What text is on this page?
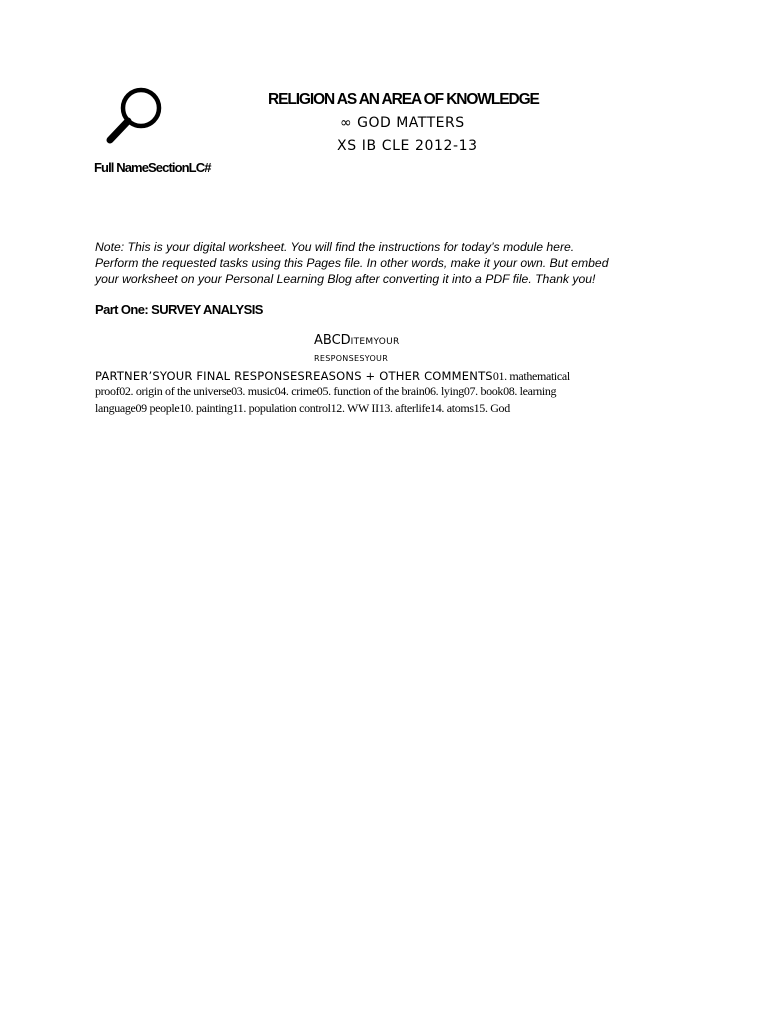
RELIGION AS AN AREA OF KNOWLEDGE
∞ GOD MATTERS
XS IB CLE 2012-13
Full NameSectionLC#
Note: This is your digital worksheet. You will find the instructions for today’s module here.
Perform the requested tasks using this Pages file. In other words, make it your own. But embed
your worksheet on your Personal Learning Blog after converting it into a PDF file. Thank you!
Part One: SURVEY ANALYSIS
ABCDitemyour
responsesyour
PARTNER’SYOUR FINAL RESPONSESREASONS + OTHER COMMENTS01. mathematical
proof02. origin of the universe03. music04. crime05. function of the brain06. lying07. book08. learning
language09 people10. painting11. population control12. WW II13. afterlife14. atoms15. God
